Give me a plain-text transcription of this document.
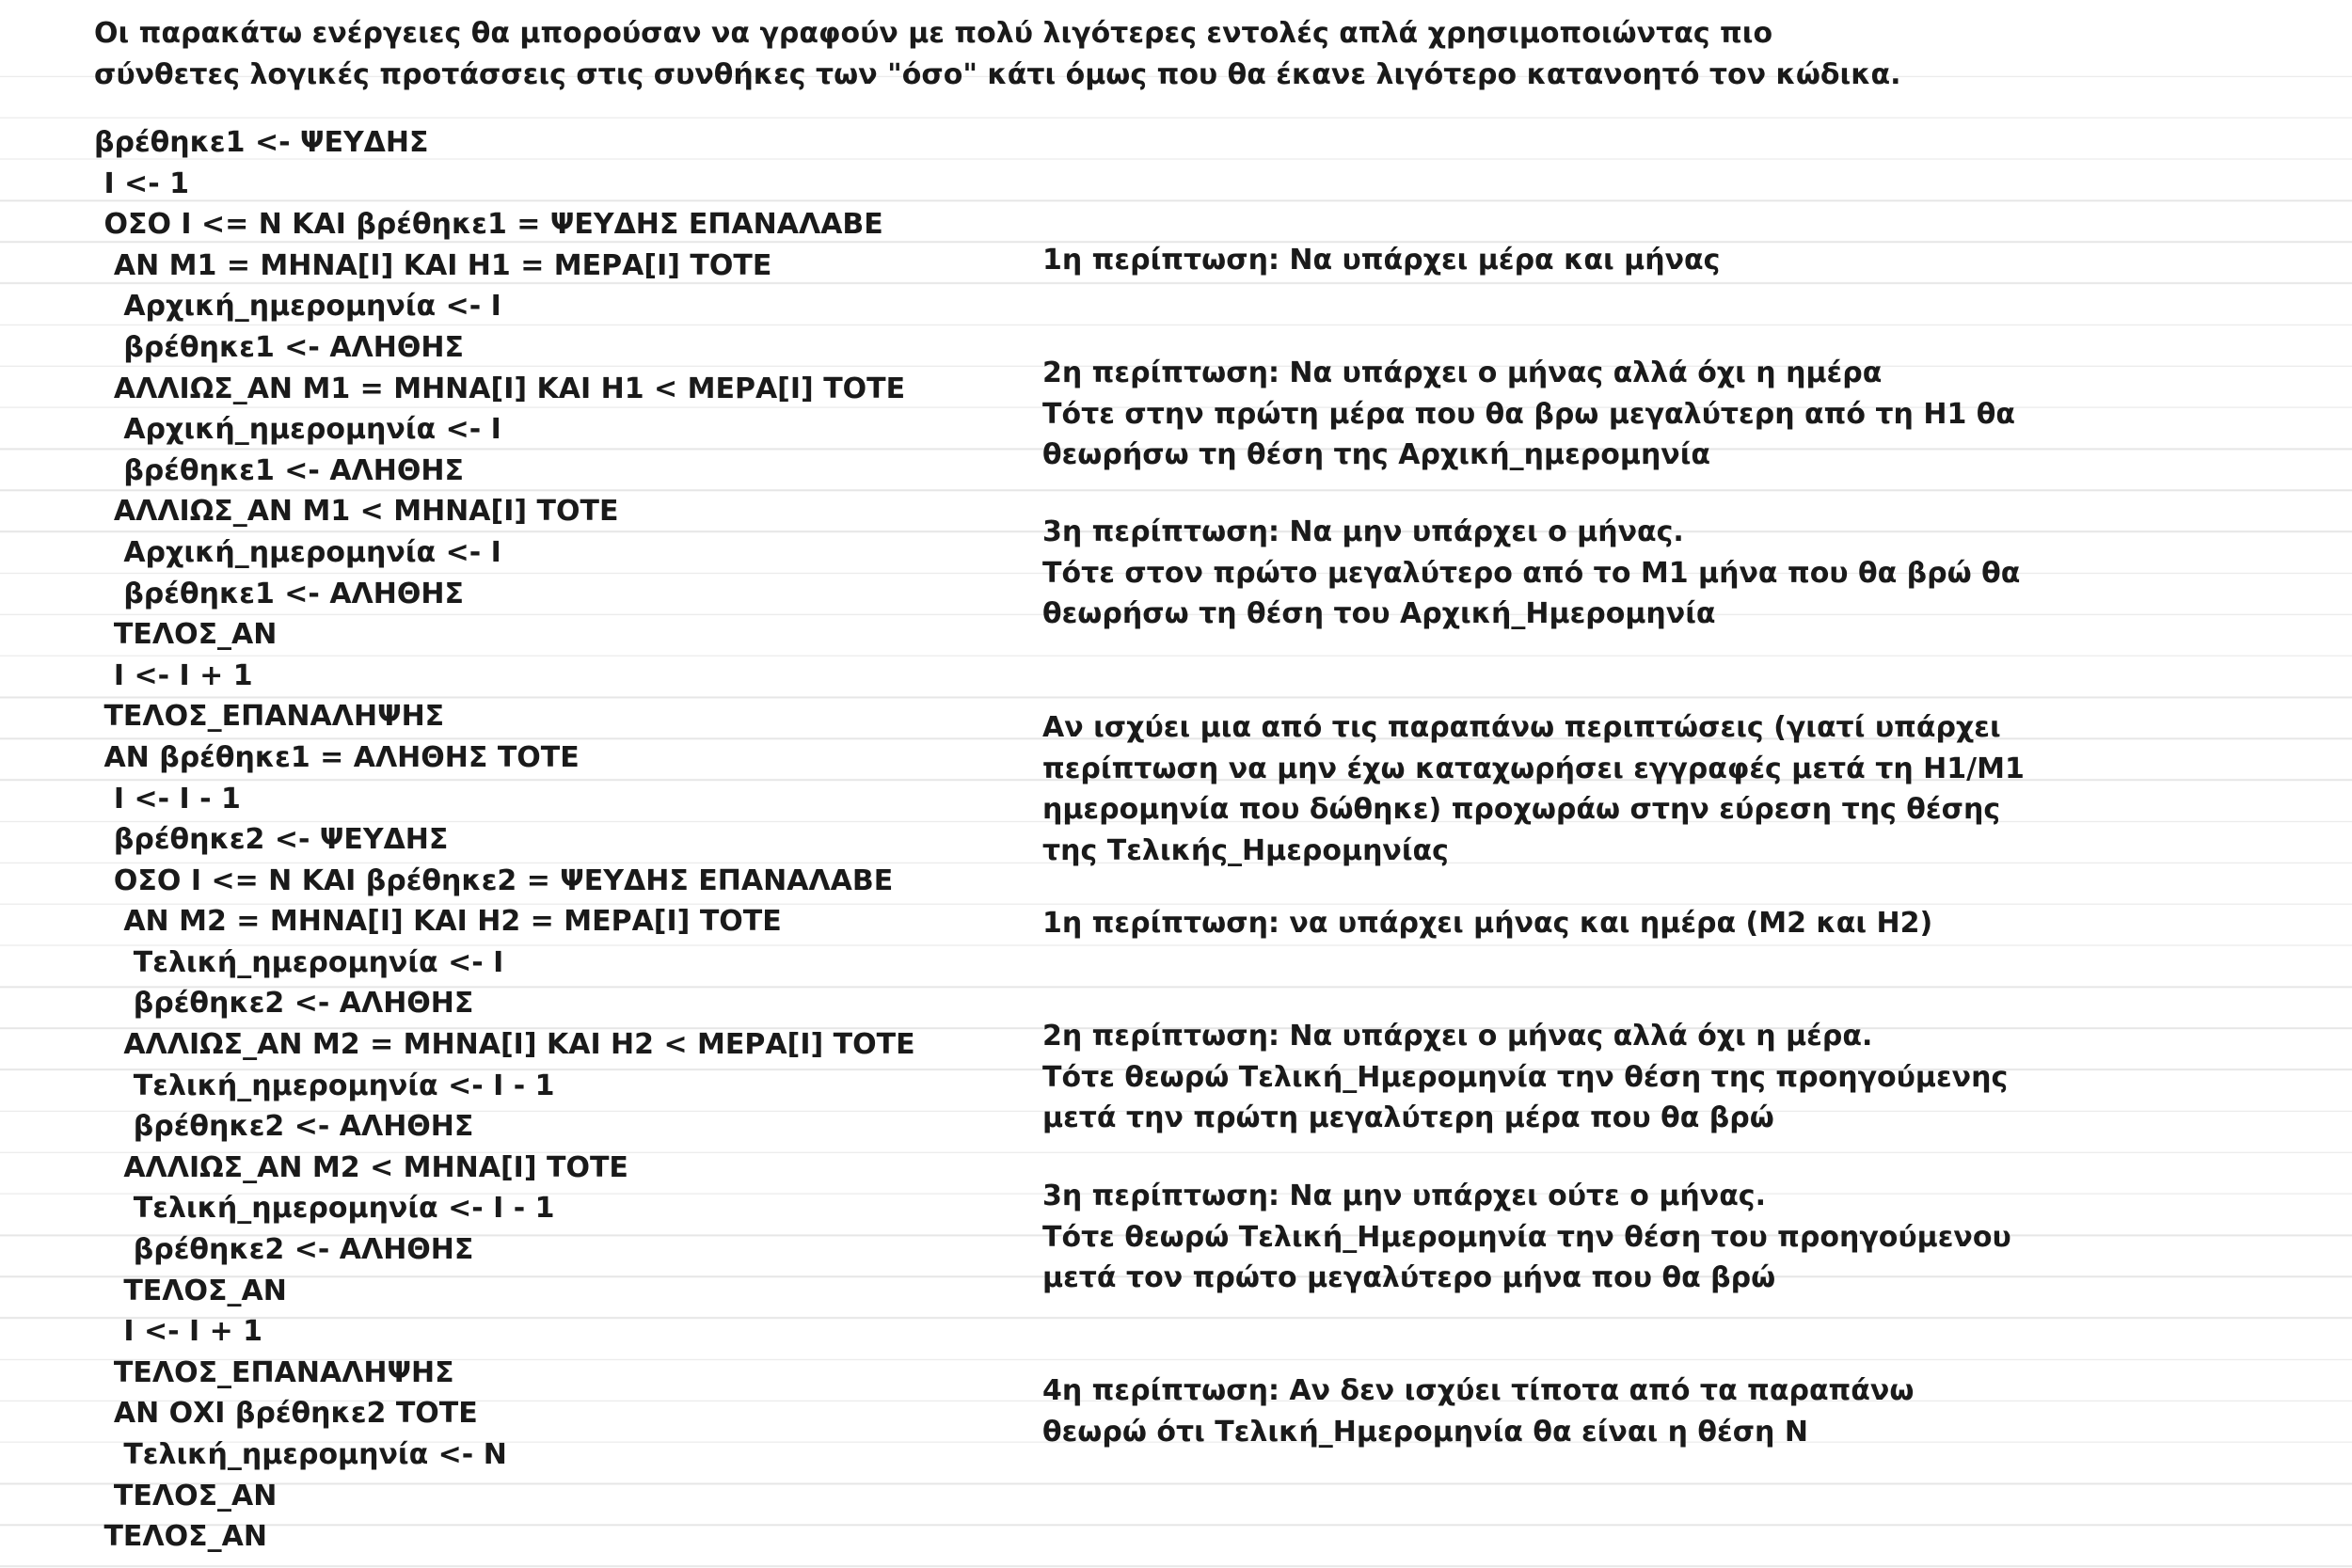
Οι παρακάτω ενέργειες θα μπορούσαν να γραφούν με πολύ λιγότερες εντολές απλά χρησιμοποιώντας πιο
σύνθετες λογικές προτάσσεις στις συνθήκες των "όσο" κάτι όμως που θα έκανε λιγότερο κατανοητό τον κώδικα.
βρέθηκε1 <- ΨΕΥΔΗΣ
Ι <- 1
ΟΣΟ Ι <= Ν ΚΑΙ βρέθηκε1 = ΨΕΥΔΗΣ ΕΠΑΝΑΛΑΒΕ
ΑΝ Μ1 = ΜΗΝΑ[Ι] ΚΑΙ Η1 = ΜΕΡΑ[Ι] ΤΟΤΕ
Αρχική_ημερομηνία <- Ι
βρέθηκε1 <- ΑΛΗΘΗΣ
ΑΛΛΙΩΣ_ΑΝ Μ1 = ΜΗΝΑ[Ι] ΚΑΙ Η1 < ΜΕΡΑ[Ι] ΤΟΤΕ
Αρχική_ημερομηνία <- Ι
βρέθηκε1 <- ΑΛΗΘΗΣ
ΑΛΛΙΩΣ_ΑΝ Μ1 < ΜΗΝΑ[Ι] ΤΟΤΕ
Αρχική_ημερομηνία <- Ι
βρέθηκε1 <- ΑΛΗΘΗΣ
ΤΕΛΟΣ_ΑΝ
Ι <- Ι + 1
ΤΕΛΟΣ_ΕΠΑΝΑΛΗΨΗΣ
ΑΝ βρέθηκε1 = ΑΛΗΘΗΣ ΤΟΤΕ
Ι <- Ι - 1
βρέθηκε2 <- ΨΕΥΔΗΣ
ΟΣΟ Ι <= Ν ΚΑΙ βρέθηκε2 = ΨΕΥΔΗΣ ΕΠΑΝΑΛΑΒΕ
ΑΝ Μ2 = ΜΗΝΑ[Ι] ΚΑΙ Η2 = ΜΕΡΑ[Ι] ΤΟΤΕ
Τελική_ημερομηνία <- Ι
βρέθηκε2 <- ΑΛΗΘΗΣ
ΑΛΛΙΩΣ_ΑΝ Μ2 = ΜΗΝΑ[Ι] ΚΑΙ Η2 < ΜΕΡΑ[Ι] ΤΟΤΕ
Τελική_ημερομηνία <- Ι - 1
βρέθηκε2 <- ΑΛΗΘΗΣ
ΑΛΛΙΩΣ_ΑΝ Μ2 < ΜΗΝΑ[Ι] ΤΟΤΕ
Τελική_ημερομηνία <- Ι - 1
βρέθηκε2 <- ΑΛΗΘΗΣ
ΤΕΛΟΣ_ΑΝ
Ι <- Ι + 1
ΤΕΛΟΣ_ΕΠΑΝΑΛΗΨΗΣ
ΑΝ ΟΧΙ βρέθηκε2 ΤΟΤΕ
Τελική_ημερομηνία <- Ν
ΤΕΛΟΣ_ΑΝ
ΤΕΛΟΣ_ΑΝ
1η περίπτωση: Να υπάρχει μέρα και μήνας
2η περίπτωση: Να υπάρχει ο μήνας αλλά όχι η ημέρα
Τότε στην πρώτη μέρα που θα βρω μεγαλύτερη από τη Η1 θα
θεωρήσω τη θέση της Αρχική_ημερομηνία
3η περίπτωση: Να μην υπάρχει ο μήνας.
Τότε στον πρώτο μεγαλύτερο από το Μ1 μήνα που θα βρώ θα
θεωρήσω τη θέση του Αρχική_Ημερομηνία
Αν ισχύει μια από τις παραπάνω περιπτώσεις (γιατί υπάρχει
περίπτωση να μην έχω καταχωρήσει εγγραφές μετά τη Η1/Μ1
ημερομηνία που δώθηκε) προχωράω στην εύρεση της θέσης
της Τελικής_Ημερομηνίας
1η περίπτωση: να υπάρχει μήνας και ημέρα (Μ2 και Η2)
2η περίπτωση: Να υπάρχει ο μήνας αλλά όχι η μέρα.
Τότε θεωρώ Τελική_Ημερομηνία την θέση της προηγούμενης
μετά την πρώτη μεγαλύτερη μέρα που θα βρώ
3η περίπτωση: Να μην υπάρχει ούτε ο μήνας.
Τότε θεωρώ Τελική_Ημερομηνία την θέση του προηγούμενου
μετά τον πρώτο μεγαλύτερο μήνα που θα βρώ
4η περίπτωση: Αν δεν ισχύει τίποτα από τα παραπάνω
θεωρώ ότι Τελική_Ημερομηνία θα είναι η θέση Ν
